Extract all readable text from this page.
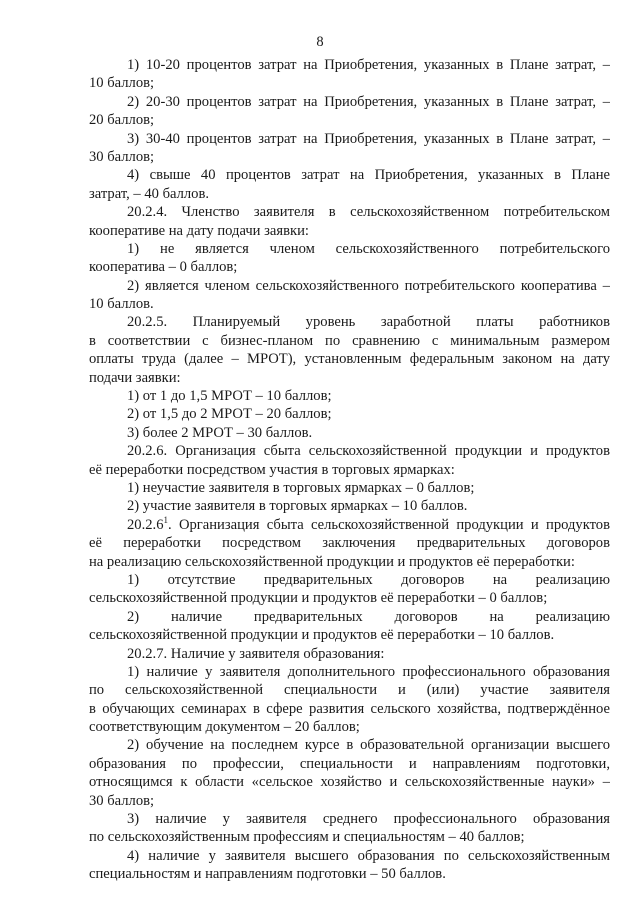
8
1) 10-20 процентов затрат на Приобретения, указанных в Плане затрат, –
10 баллов;
2) 20-30 процентов затрат на Приобретения, указанных в Плане затрат, –
20 баллов;
3) 30-40 процентов затрат на Приобретения, указанных в Плане затрат, –
30 баллов;
4) свыше 40 процентов затрат на Приобретения, указанных в Плане
затрат, – 40 баллов.
20.2.4. Членство заявителя в сельскохозяйственном потребительском
кооперативе на дату подачи заявки:
1) не является членом сельскохозяйственного потребительского
кооператива – 0 баллов;
2) является членом сельскохозяйственного потребительского кооператива –
10 баллов.
20.2.5. Планируемый уровень заработной платы работников
в соответствии с бизнес-планом по сравнению с минимальным размером
оплаты труда (далее – МРОТ), установленным федеральным законом на дату
подачи заявки:
1) от 1 до 1,5 МРОТ – 10 баллов;
2) от 1,5 до 2 МРОТ – 20 баллов;
3) более 2 МРОТ – 30 баллов.
20.2.6. Организация сбыта сельскохозяйственной продукции и продуктов
её переработки посредством участия в торговых ярмарках:
1) неучастие заявителя в торговых ярмарках – 0 баллов;
2) участие заявителя в торговых ярмарках – 10 баллов.
20.2.6$^1$. Организация сбыта сельскохозяйственной продукции и продуктов
её переработки посредством заключения предварительных договоров
на реализацию сельскохозяйственной продукции и продуктов её переработки:
1) отсутствие предварительных договоров на реализацию
сельскохозяйственной продукции и продуктов её переработки – 0 баллов;
2) наличие предварительных договоров на реализацию
сельскохозяйственной продукции и продуктов её переработки – 10 баллов.
20.2.7. Наличие у заявителя образования:
1) наличие у заявителя дополнительного профессионального образования
по сельскохозяйственной специальности и (или) участие заявителя
в обучающих семинарах в сфере развития сельского хозяйства, подтверждённое
соответствующим документом – 20 баллов;
2) обучение на последнем курсе в образовательной организации высшего
образования по профессии, специальности и направлениям подготовки,
относящимся к области «сельское хозяйство и сельскохозяйственные науки» –
30 баллов;
3) наличие у заявителя среднего профессионального образования
по сельскохозяйственным профессиям и специальностям – 40 баллов;
4) наличие у заявителя высшего образования по сельскохозяйственным
специальностям и направлениям подготовки – 50 баллов.
